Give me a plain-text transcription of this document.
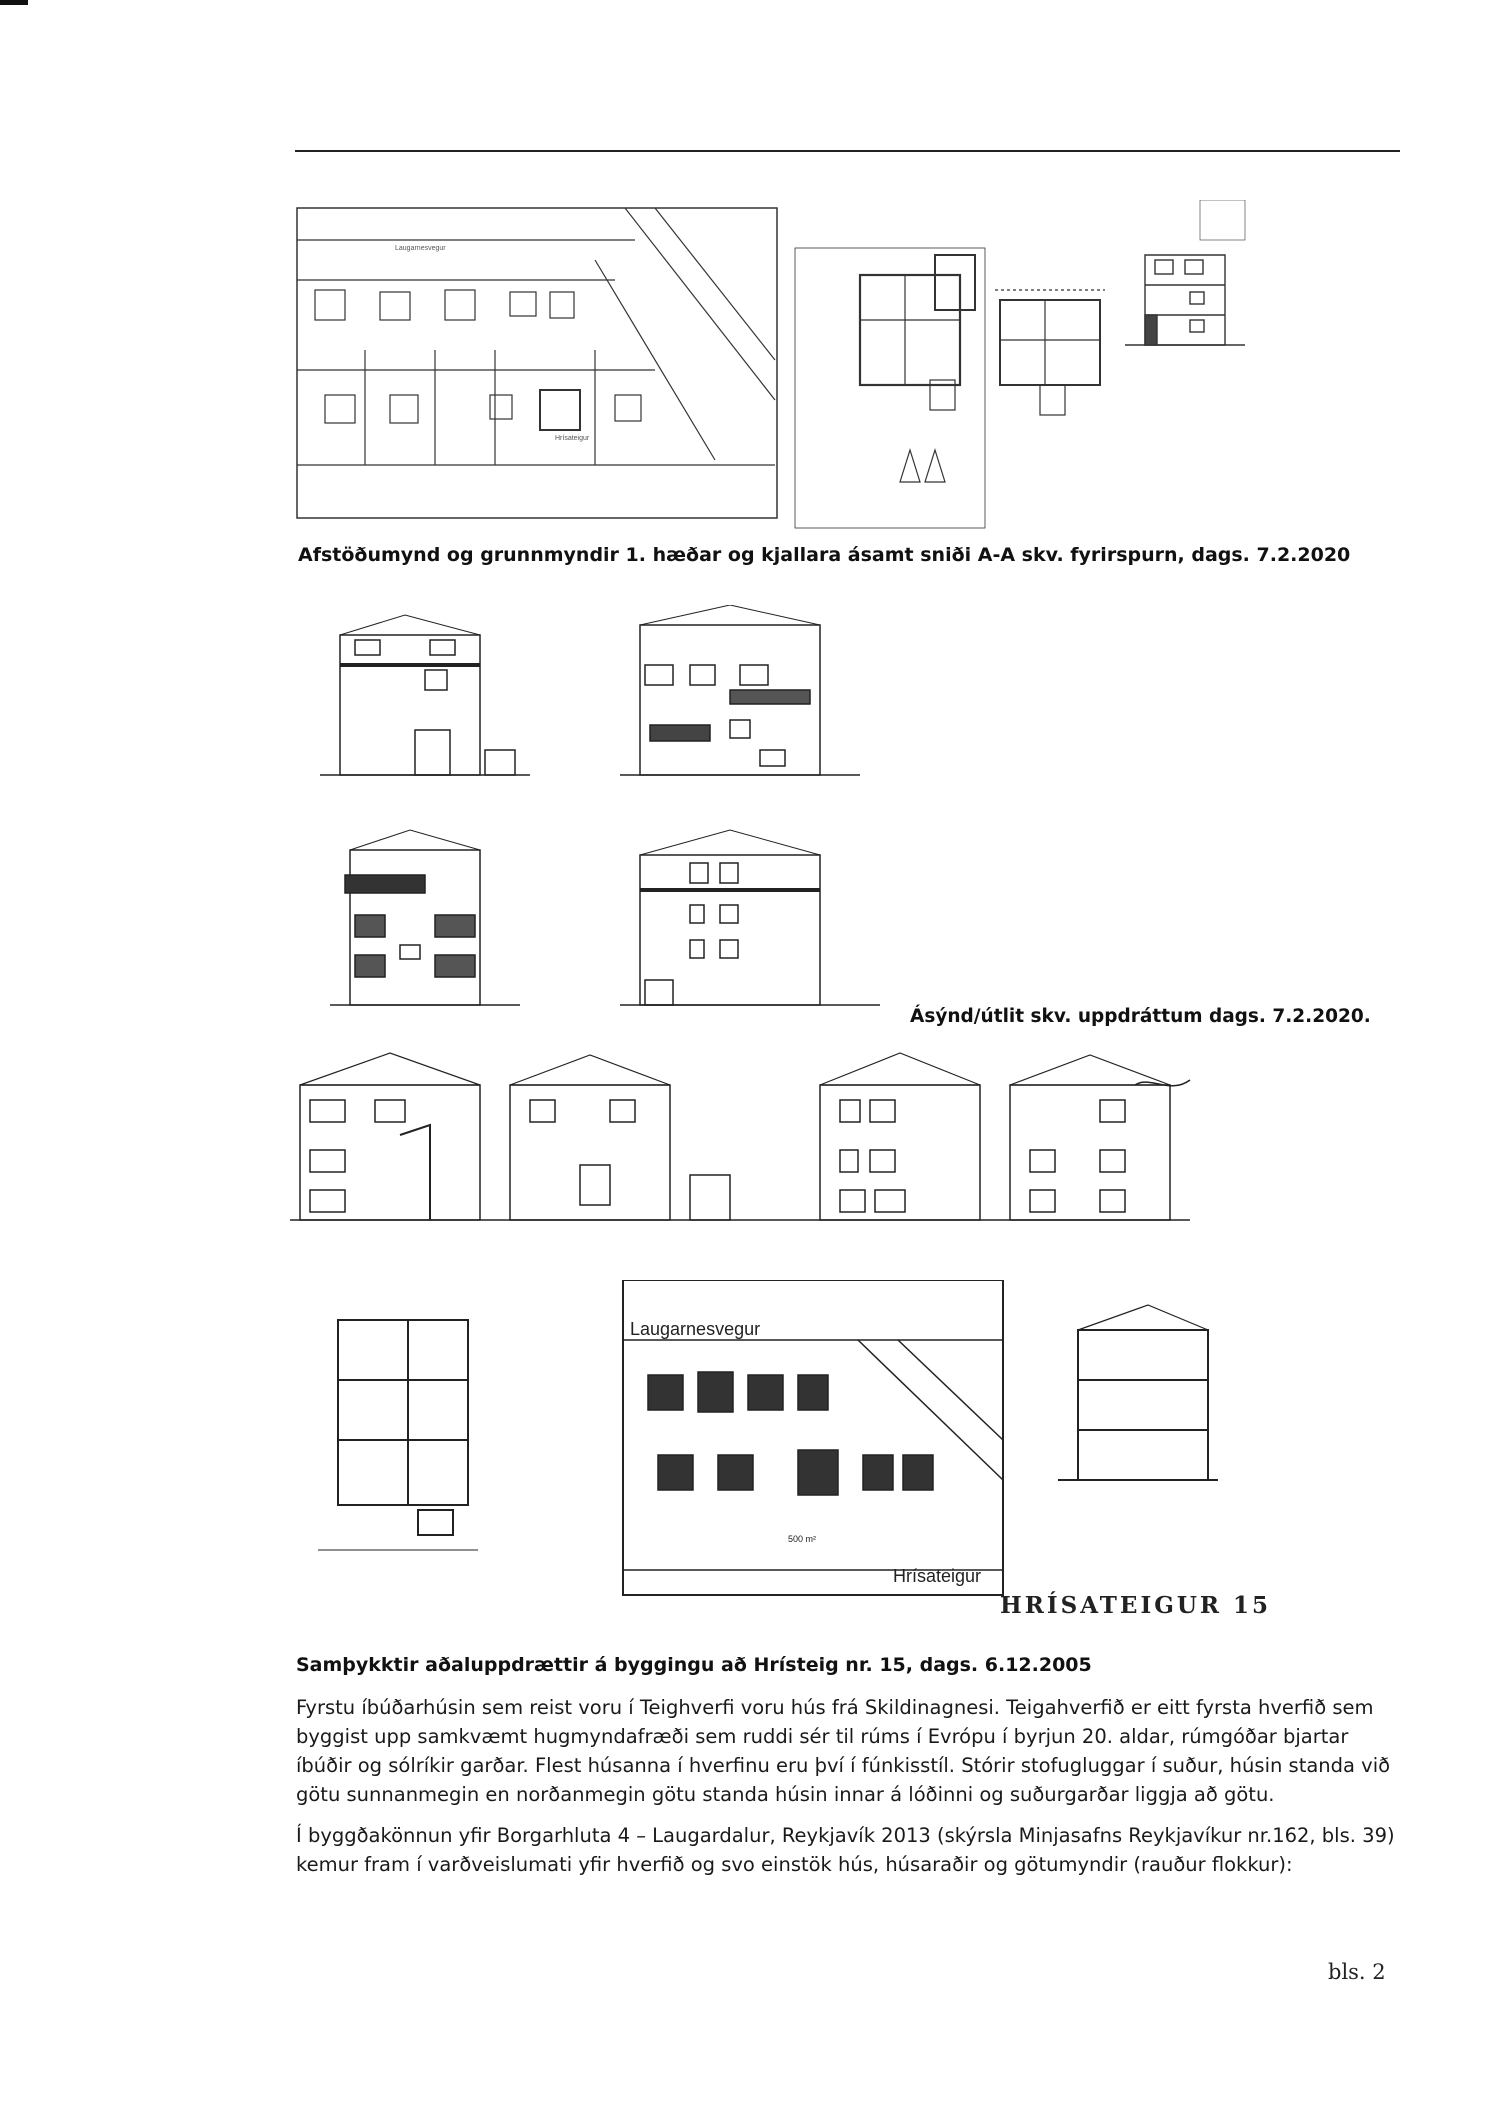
Laugarnesvegur
Hrísateigur
Afstöðumynd og grunnmyndir 1. hæðar og kjallara ásamt sniði A-A skv. fyrirspurn, dags. 7.2.2020
Ásýnd/útlit skv. uppdráttum dags. 7.2.2020.
Laugarnesvegur
Hrísateigur
500 m²
HRÍSATEIGUR 15
Samþykktir aðaluppdrættir á byggingu að Hrísteig nr. 15, dags. 6.12.2005

Fyrstu íbúðarhúsin sem reist voru í Teighverfi voru hús frá Skildinagnesi. Teigahverfið er eitt fyrsta hverfið sem byggist upp samkvæmt hugmyndafræði sem ruddi sér til rúms í Evrópu í byrjun 20. aldar, rúmgóðar bjartar íbúðir og sólríkir garðar. Flest húsanna í hverfinu eru því í fúnkisstíl. Stórir stofugluggar í suður, húsin standa við götu sunnanmegin en norðanmegin götu standa húsin innar á lóðinni og suðurgarðar liggja að götu.

Í byggðakönnun yfir Borgarhluta 4 – Laugardalur, Reykjavík 2013 (skýrsla Minjasafns Reykjavíkur nr.162, bls. 39) kemur fram í varðveislumati yfir hverfið og svo einstök hús, húsaraðir og götumyndir (rauður flokkur):

bls. 2
